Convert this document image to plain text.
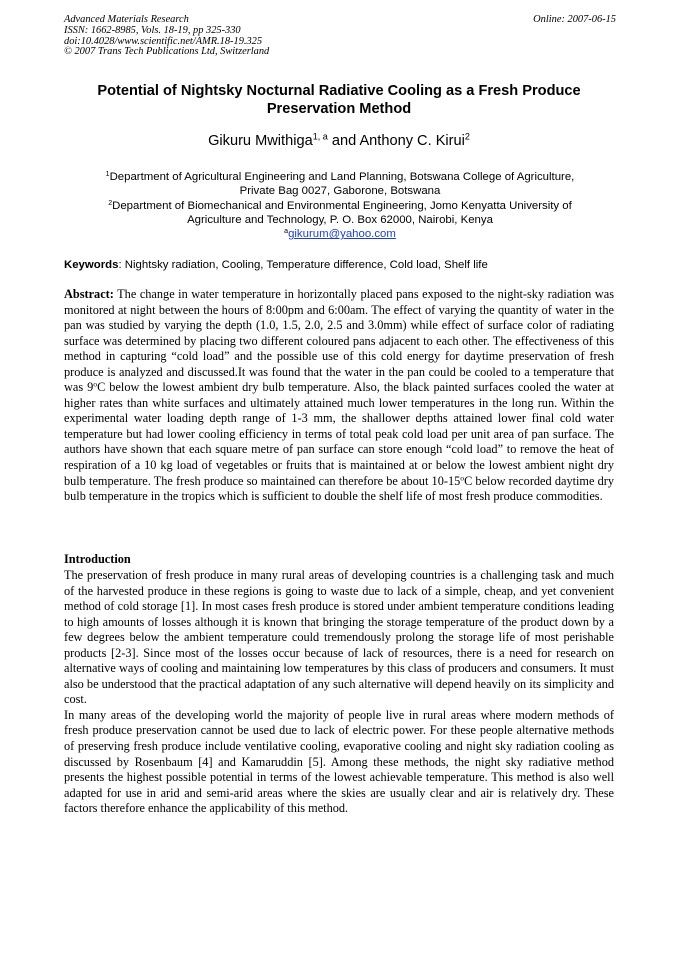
Advanced Materials Research
ISSN: 1662-8985, Vols. 18-19, pp 325-330
doi:10.4028/www.scientific.net/AMR.18-19.325
© 2007 Trans Tech Publications Ltd, Switzerland
Online: 2007-06-15
Potential of Nightsky Nocturnal Radiative Cooling as a Fresh Produce
Preservation Method
Gikuru Mwithiga$^{1, a}$ and Anthony C. Kirui$^2$
$^1$Department of Agricultural Engineering and Land Planning, Botswana College of Agriculture,
Private Bag 0027, Gaborone, Botswana
$^2$Department of Biomechanical and Environmental Engineering, Jomo Kenyatta University of
Agriculture and Technology, P. O. Box 62000, Nairobi, Kenya
$^a$gikurum@yahoo.com
Keywords: Nightsky radiation, Cooling, Temperature difference, Cold load, Shelf life
Abstract: The change in water temperature in horizontally placed pans exposed to the night-sky radiation was monitored at night between the hours of 8:00pm and 6:00am. The effect of varying the quantity of water in the pan was studied by varying the depth (1.0, 1.5, 2.0, 2.5 and 3.0mm) while effect of surface color of radiating surface was determined by placing two different coloured pans adjacent to each other. The effectiveness of this method in capturing “cold load” and the possible use of this cold energy for daytime preservation of fresh produce is analyzed and discussed.It was found that the water in the pan could be cooled to a temperature that was 9$^o$C below the lowest ambient dry bulb temperature. Also, the black painted surfaces cooled the water at higher rates than white surfaces and ultimately attained much lower temperatures in the long run. Within the experimental water loading depth range of 1-3 mm, the shallower depths attained lower final cold water temperature but had lower cooling efficiency in terms of total peak cold load per unit area of pan surface. The authors have shown that each square metre of pan surface can store enough “cold load” to remove the heat of respiration of a 10 kg load of vegetables or fruits that is maintained at or below the lowest ambient night dry bulb temperature. The fresh produce so maintained can therefore be about 10-15$^o$C below recorded daytime dry bulb temperature in the tropics which is sufficient to double the shelf life of most fresh produce commodities.
Introduction

The preservation of fresh produce in many rural areas of developing countries is a challenging task and much of the harvested produce in these regions is going to waste due to lack of a simple, cheap, and yet convenient method of cold storage [1]. In most cases fresh produce is stored under ambient temperature conditions leading to high amounts of losses although it is known that bringing the storage temperature of the product down by a few degrees below the ambient temperature could tremendously prolong the storage life of most perishable products [2-3]. Since most of the losses occur because of lack of resources, there is a need for research on alternative ways of cooling and maintaining low temperatures by this class of producers and consumers. It must also be understood that the practical adaptation of any such alternative will depend heavily on its simplicity and cost.

In many areas of the developing world the majority of people live in rural areas where modern methods of fresh produce preservation cannot be used due to lack of electric power. For these people alternative methods of preserving fresh produce include ventilative cooling, evaporative cooling and night sky radiation cooling as discussed by Rosenbaum [4] and Kamaruddin [5]. Among these methods, the night sky radiative method presents the highest possible potential in terms of the lowest achievable temperature. This method is also well adapted for use in arid and semi-arid areas where the skies are usually clear and air is relatively dry. These factors therefore enhance the applicability of this method.
